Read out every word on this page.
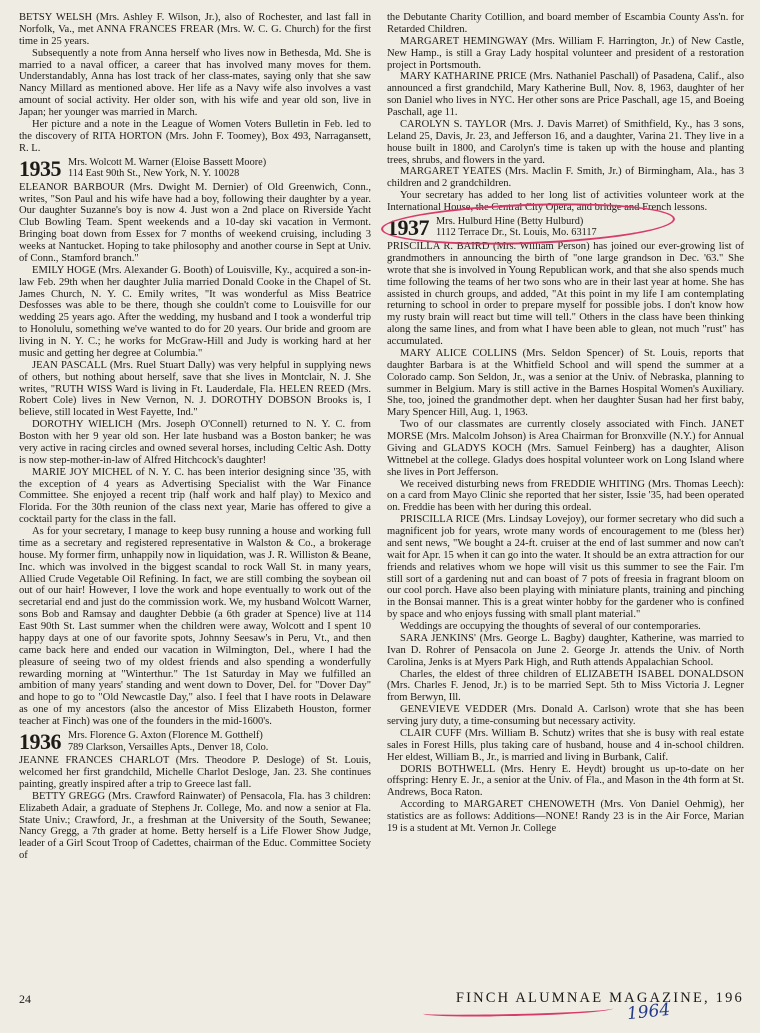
BETSY WELSH (Mrs. Ashley F. Wilson, Jr.), also of Rochester, and last fall in Norfolk, Va., met ANNA FRANCES FREAR (Mrs. W. C. G. Church) for the first time in 25 years.

Subsequently a note from Anna herself who lives now in Bethesda, Md. She is married to a naval officer, a career that has involved many moves for them. Understandably, Anna has lost track of her class-mates, saying only that she saw Nancy Millard as mentioned above. Her life as a Navy wife also involves a vast amount of social activity. Her older son, with his wife and year old son, live in Japan; her younger was married in March.

Her picture and a note in the League of Women Voters Bulletin in Feb. led to the discovery of RITA HORTON (Mrs. John F. Toomey), Box 493, Narragansett, R. L.

1935 Mrs. Wolcott M. Warner (Eloise Bassett Moore)
114 East 90th St., New York, N. Y. 10028

ELEANOR BARBOUR (Mrs. Dwight M. Dernier) of Old Greenwich, Conn., writes, "Son Paul and his wife have had a boy, following their daughter by a year. Our daughter Suzanne's boy is now 4. Just won a 2nd place on Riverside Yacht Club Bowling Team. Spent weekends and a 10-day ski vacation in Vermont. Bringing boat down from Essex for 7 months of weekend cruising, including 3 weeks at Nantucket. Hoping to take philosophy and another course in Sept at Univ. of Conn., Stamford branch."

EMILY HOGE (Mrs. Alexander G. Booth) of Louisville, Ky., acquired a son-in-law Feb. 29th when her daughter Julia married Donald Cooke in the Chapel of St. James Church, N. Y. C. Emily writes, "It was wonderful as Miss Beatrice Desfosses was able to be there, though she couldn't come to Louisville for our wedding 25 years ago. After the wedding, my husband and I took a wonderful trip to Honolulu, something we've wanted to do for 20 years. Our bride and groom are living in N. Y. C.; he works for McGraw-Hill and Judy is working hard at her music and getting her degree at Columbia."

JEAN PASCALL (Mrs. Ruel Stuart Dally) was very helpful in supplying news of others, but nothing about herself, save that she lives in Montclair, N. J. She writes, "RUTH WISS Ward is living in Ft. Lauderdale, Fla. HELEN REED (Mrs. Robert Cole) lives in New Vernon, N. J. DOROTHY DOBSON Brooks is, I believe, still located in West Fayette, Ind."

DOROTHY WIELICH (Mrs. Joseph O'Connell) returned to N. Y. C. from Boston with her 9 year old son. Her late husband was a Boston banker; he was very active in racing circles and owned several horses, including Celtic Ash. Dotty is now step-mother-in-law of Alfred Hitchcock's daughter!

MARIE JOY MICHEL of N. Y. C. has been interior designing since '35, with the exception of 4 years as Advertising Specialist with the War Finance Committee. She enjoyed a recent trip (half work and half play) to Mexico and Florida. For the 30th reunion of the class next year, Marie has offered to give a cocktail party for the class in the fall.

As for your secretary, I manage to keep busy running a house and working full time as a secretary and registered representative in Walston & Co., a brokerage house. My former firm, unhappily now in liquidation, was J. R. Williston & Beane, Inc. which was involved in the biggest scandal to rock Wall St. in many years, Allied Crude Vegetable Oil Refining. In fact, we are still combing the soybean oil out of our hair! However, I love the work and hope eventually to work out of the secretarial end and just do the commission work. We, my husband Wolcott Warner, sons Bob and Ramsay and daughter Debbie (a 6th grader at Spence) live at 114 East 90th St. Last summer when the children were away, Wolcott and I spent 10 happy days at one of our favorite spots, Johnny Seesaw's in Peru, Vt., and then came back here and ended our vacation in Wilmington, Del., where I had the pleasure of seeing two of my oldest friends and also spending a wonderfully rewarding morning at "Winterthur." The 1st Saturday in May we fulfilled an ambition of many years' standing and went down to Dover, Del. for "Dover Day" and hope to go to "Old Newcastle Day," also. I feel that I have roots in Delaware as one of my ancestors (also the ancestor of Miss Elizabeth Houston, former teacher at Finch) was one of the founders in the mid-1600's.

1936 Mrs. Florence G. Axton (Florence M. Gotthelf)
789 Clarkson, Versailles Apts., Denver 18, Colo.

JEANNE FRANCES CHARLOT (Mrs. Theodore P. Desloge) of St. Louis, welcomed her first grandchild, Michelle Charlot Desloge, Jan. 23. She continues painting, greatly inspired after a trip to Greece last fall.

BETTY GREGG (Mrs. Crawford Rainwater) of Pensacola, Fla. has 3 children: Elizabeth Adair, a graduate of Stephens Jr. College, Mo. and now a senior at Fla. State Univ.; Crawford, Jr., a freshman at the University of the South, Sewanee; Nancy Gregg, a 7th grader at home. Betty herself is a Life Flower Show Judge, leader of a Girl Scout Troop of Cadettes, chairman of the Educ. Committee Society of

the Debutante Charity Cotillion, and board member of Escambia County Ass'n. for Retarded Children.

MARGARET HEMINGWAY (Mrs. William F. Harrington, Jr.) of New Castle, New Hamp., is still a Gray Lady hospital volunteer and president of a restoration project in Portsmouth.

MARY KATHARINE PRICE (Mrs. Nathaniel Paschall) of Pasadena, Calif., also announced a first grandchild, Mary Katherine Bull, Nov. 8, 1963, daughter of her son Daniel who lives in NYC. Her other sons are Price Paschall, age 15, and Boeing Paschall, age 11.

CAROLYN S. TAYLOR (Mrs. J. Davis Marret) of Smithfield, Ky., has 3 sons, Leland 25, Davis, Jr. 23, and Jefferson 16, and a daughter, Varina 21. They live in a house built in 1800, and Carolyn's time is taken up with the house and planting trees, shrubs, and flowers in the yard.

MARGARET YEATES (Mrs. Maclin F. Smith, Jr.) of Birmingham, Ala., has 3 children and 2 grandchildren.

Your secretary has added to her long list of activities volunteer work at the International House, the Central City Opera, and bridge and French lessons.

1937 Mrs. Hulburd Hine (Betty Hulburd)
1112 Terrace Dr., St. Louis, Mo. 63117

PRISCILLA R. BAIRD (Mrs. William Person) has joined our ever-growing list of grandmothers in announcing the birth of "one large grandson in Dec. '63." She wrote that she is involved in Young Republican work, and that she also spends much time following the teams of her two sons who are in their last year at home. She has assisted in church groups, and added, "At this point in my life I am contemplating returning to school in order to prepare myself for possible jobs. I don't know how my rusty brain will react but time will tell." Others in the class have been thinking along the same lines, and from what I have been able to glean, not much "rust" has accumulated.

MARY ALICE COLLINS (Mrs. Seldon Spencer) of St. Louis, reports that daughter Barbara is at the Whitfield School and will spend the summer at a Colorado camp. Son Seldon, Jr., was a senior at the Univ. of Nebraska, planning to summer in Belgium. Mary is still active in the Barnes Hospital Women's Auxiliary. She, too, joined the grandmother dept. when her daughter Susan had her first baby, Mary Spencer Hill, Aug. 1, 1963.

Two of our classmates are currently closely associated with Finch. JANET MORSE (Mrs. Malcolm Johson) is Area Chairman for Bronxville (N.Y.) for Annual Giving and GLADYS KOCH (Mrs. Samuel Feinberg) has a daughter, Alison Wittnebel at the college. Gladys does hospital volunteer work on Long Island where she lives in Port Jefferson.

We received disturbing news from FREDDIE WHITING (Mrs. Thomas Leech): on a card from Mayo Clinic she reported that her sister, Issie '35, had been operated on. Freddie has been with her during this ordeal.

PRISCILLA RICE (Mrs. Lindsay Lovejoy), our former secretary who did such a magnificent job for years, wrote many words of encouragement to me (bless her) and sent news, "We bought a 24-ft. cruiser at the end of last summer and now can't wait for Apr. 15 when it can go into the water. It should be an extra attraction for our friends and relatives whom we hope will visit us this summer to see the Fair. I'm still sort of a gardening nut and can boast of 7 pots of freesia in fragrant bloom on our cool porch. Have also been playing with miniature plants, training and pinching in the Bonsai manner. This is a great winter hobby for the gardener who is confined by space and who enjoys fussing with small plant material."

Weddings are occupying the thoughts of several of our contemporaries.

SARA JENKINS' (Mrs. George L. Bagby) daughter, Katherine, was married to Ivan D. Rohrer of Pensacola on June 2. George Jr. attends the Univ. of North Carolina, Jenks is at Myers Park High, and Ruth attends Appalachian School.

Charles, the eldest of three children of ELIZABETH ISABEL DONALDSON (Mrs. Charles F. Jenod, Jr.) is to be married Sept. 5th to Miss Victoria J. Legner from Berwyn, Ill.

GENEVIEVE VEDDER (Mrs. Donald A. Carlson) wrote that she has been serving jury duty, a time-consuming but necessary activity.

CLAIR CUFF (Mrs. William B. Schutz) writes that she is busy with real estate sales in Forest Hills, plus taking care of husband, house and 4 in-school children. Her eldest, William B., Jr., is married and living in Burbank, Calif.

DORIS BOTHWELL (Mrs. Henry E. Heydt) brought us up-to-date on her offspring: Henry E. Jr., a senior at the Univ. of Fla., and Mason in the 4th form at St. Andrews, Boca Raton.

According to MARGARET CHENOWETH (Mrs. Von Daniel Oehmig), her statistics are as follows: Additions—NONE! Randy 23 is in the Air Force, Marian 19 is a student at Mt. Vernon Jr. College

24	FINCH ALUMNAE MAGAZINE, 196
1964
